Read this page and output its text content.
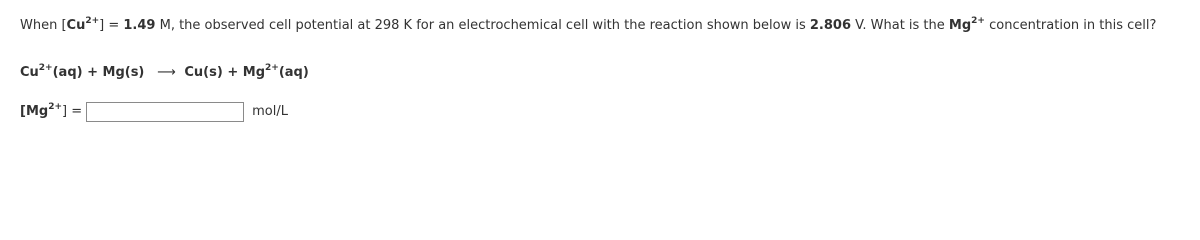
When $[Cu^{2+}] = 1.49$ M, the observed cell potential at 298 K for an electrochemical cell with the reaction shown below is 2.806 V. What is the $Mg^{2+}$ concentration in this cell?
$Cu^{2+}(aq) + Mg(s)$ ⟶ $Cu(s) + Mg^{2+}(aq)$
$[Mg^{2+}]$ =	mol/L
